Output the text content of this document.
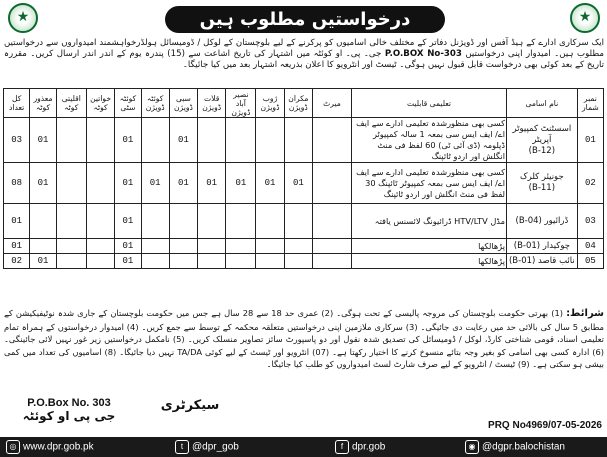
★	درخواستیں مطلوب ہیں	★
ایک سرکاری ادارے کے ہیڈ آفس اور ڈویژنل دفاتر کے مختلف خالی اسامیوں کو پرکرنے کے لیے بلوچستان کے لوکل / ڈومیسائل ہولڈرخواہشمند امیدواروں سے درخواستیں مطلوب ہیں۔ امیدوار اپنی درخواستیں P.O.BOX No-303 جی۔ پی۔ او کوئٹہ میں اشتہار کی تاریخ اشاعت سے (15) پندرہ یوم کے اندر اندر ارسال کریں۔ مقررہ تاریخ کے بعد کوئی بھی درخواست قابل قبول نہیں ہوگی۔ ٹیسٹ اور انٹرویو کا اعلان بذریعہ اشتہار بعد میں کیا جائیگا۔
نمبر شمار	نام اسامی	تعلیمی قابلیت	میرٹ	مکران ڈویژن	ژوب ڈویژن	نصیر آباد ڈویژن	قلات ڈویژن	سبی ڈویژن	کوئٹہ ڈویژن	کوئٹہ سٹی	خواتین کوٹہ	اقلیتی کوٹہ	معذور کوٹہ	کل تعداد
01	اسسٹنٹ کمپیوٹر آپریٹر
(B-12)	کسی بھی منظورشدہ تعلیمی ادارے سے ایف اے/ ایف ایس سی بمعہ 1 سالہ کمپیوٹر ڈپلومہ (ڈی آئی ٹی) 60 لفظ فی منٹ انگلش اور اردو ٹائپنگ						01		01			01	03
02	جونیئر کلرک
(B-11)	کسی بھی منظورشدہ تعلیمی ادارے سے ایف اے/ ایف ایس سی بمعہ کمپیوٹر ٹائپنگ 30 لفظ فی منٹ انگلش اور اردو ٹائپنگ		01	01	01	01	01	01	01			01	08
03	ڈرائیور (B-04)	مڈل HTV/LTV ڈرائیونگ لائسنس یافتہ								01				01
04	چوکیدار (B-01)	پڑھالکھا								01				01
05	نائب قاصد (B-01)	پڑھالکھا								01			01	02
شرائط: (1) بھرتی حکومت بلوچستان کی مروجہ پالیسی کے تحت ہوگی۔ (2) عمری حد 18 سے 28 سال ہے جس میں حکومت بلوچستان کے جاری شدہ نوٹیفیکیشن کے مطابق 5 سال کی بالائی حد میں رعایت دی جائیگی۔ (3) سرکاری ملازمین اپنی درخواستیں متعلقہ محکمہ کے توسط سے جمع کریں۔ (4) امیدوار درخواستوں کے ہمراہ تمام تعلیمی اسناد، قومی شناختی کارڈ، لوکل / ڈومیسائل کی تصدیق شدہ نقول اور دو پاسپورٹ سائز تصاویر منسلک کریں۔ (5) نامکمل درخواستیں زیر غور نہیں لائی جائینگی۔ (6) ادارہ کسی بھی اسامی کو بغیر وجہ بتائے منسوخ کرنے کا اختیار رکھتا ہے۔ (07) انٹرویو اور ٹیسٹ کے لیے کوئی TA/DA نہیں دیا جائیگا۔ (8) اسامیوں کی تعداد میں کمی بیشی ہو سکتی ہے۔ (9) ٹیسٹ / انٹرویو کے لیے صرف شارٹ لسٹ امیدواروں کو طلب کیا جائیگا۔
P.O.Box No. 303
جی پی او کوئٹہ
سیکرٹری
PRQ No4969/07-05-2026
◎ www.dpr.gob.pk	t @dpr_gob	f dpr.gob	◉ @dgpr.balochistan
